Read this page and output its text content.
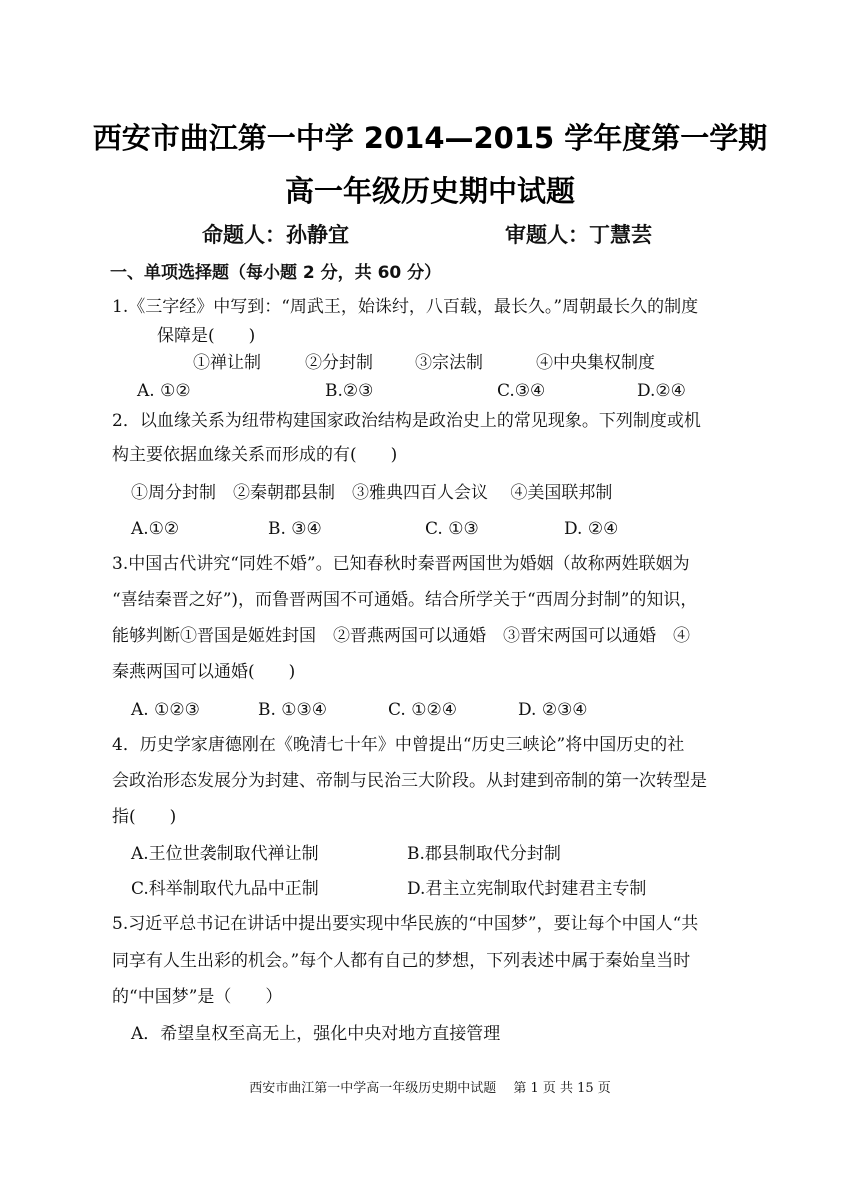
西安市曲江第一中学 2014—2015 学年度第一学期
高一年级历史期中试题
命题人：孙静宜	审题人：丁慧芸
一、单项选择题（每小题 2 分，共 60 分）
1.《三字经》中写到：“周武王，始诛纣，八百载，最长久。”周朝最长久的制度
保障是(　　)
①禅让制	②分封制 ③宗法制	④中央集权制度
A. ①②	B.②③	C.③④	D.②④
2．以血缘关系为纽带构建国家政治结构是政治史上的常见现象。下列制度或机
构主要依据血缘关系而形成的有(　　)
①周分封制　②秦朝郡县制　③雅典四百人会议　 ④美国联邦制
A.①②	B. ③④	C. ①③	D. ②④
3.中国古代讲究“同姓不婚”。已知春秋时秦晋两国世为婚姻（故称两姓联姻为
“喜结秦晋之好”)，而鲁晋两国不可通婚。结合所学关于“西周分封制”的知识，
能够判断①晋国是姬姓封国　②晋燕两国可以通婚　③晋宋两国可以通婚　④
秦燕两国可以通婚(　　)
A. ①②③	B. ①③④	C. ①②④	D. ②③④
4．历史学家唐德刚在《晚清七十年》中曾提出“历史三峡论”将中国历史的社
会政治形态发展分为封建、帝制与民治三大阶段。从封建到帝制的第一次转型是
指(　　)
A.王位世袭制取代禅让制	B.郡县制取代分封制
C.科举制取代九品中正制	D.君主立宪制取代封建君主专制
5.习近平总书记在讲话中提出要实现中华民族的“中国梦”，要让每个中国人“共
同享有人生出彩的机会。”每个人都有自己的梦想，下列表述中属于秦始皇当时
的“中国梦”是（　　）
A．希望皇权至高无上，强化中央对地方直接管理
西安市曲江第一中学高一年级历史期中试题　 第 1 页 共 15 页
